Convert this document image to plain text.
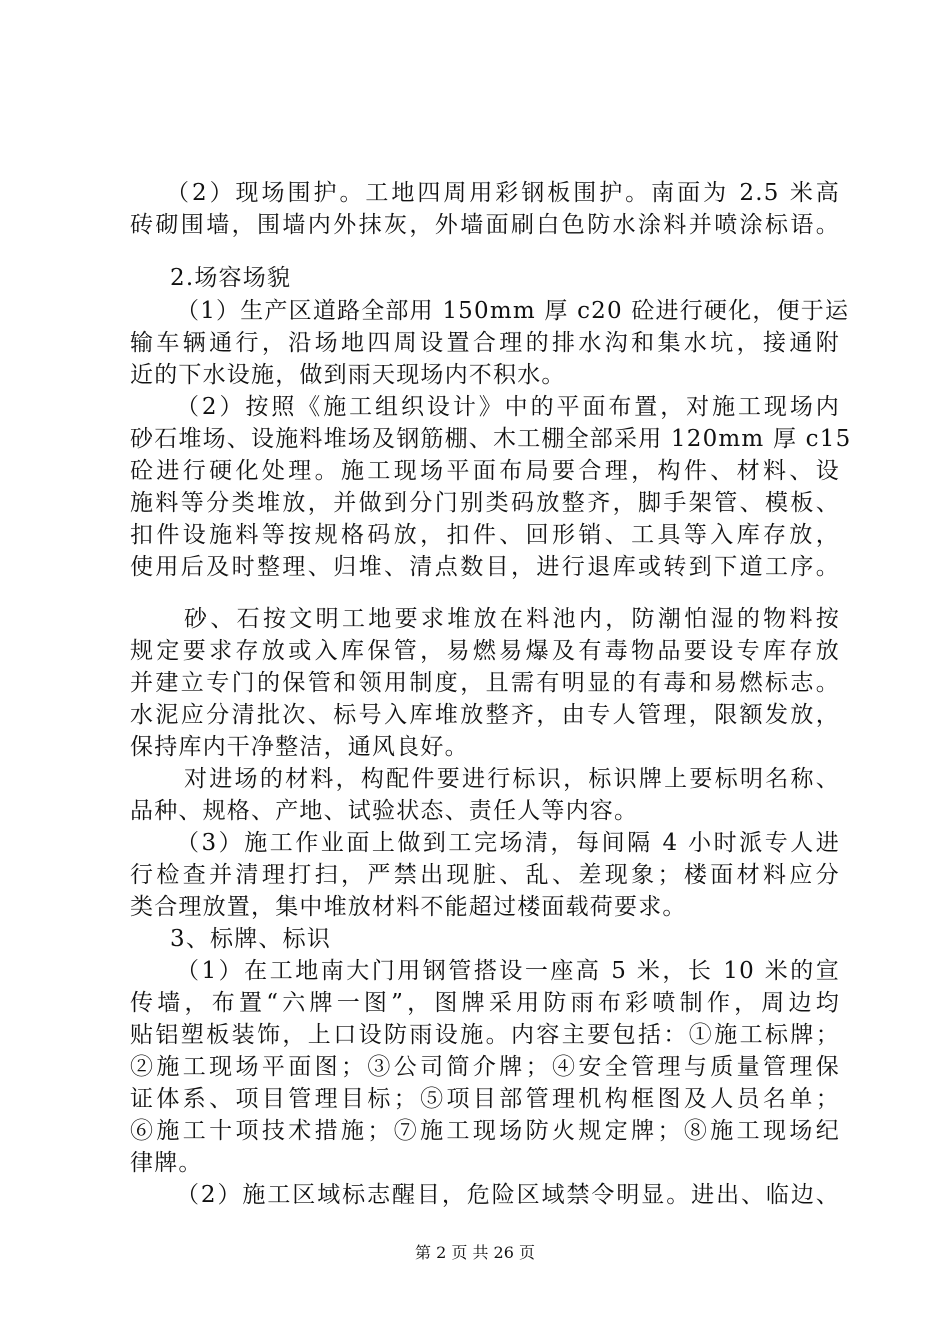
（2）现场围护。工地四周用彩钢板围护。南面为 2.5 米高
砖砌围墙，围墙内外抹灰，外墙面刷白色防水涂料并喷涂标语。
2.场容场貌
（1）生产区道路全部用 150mm 厚 c20 砼进行硬化，便于运
输车辆通行，沿场地四周设置合理的排水沟和集水坑，接通附
近的下水设施，做到雨天现场内不积水。
（2）按照《施工组织设计》中的平面布置，对施工现场内
砂石堆场、设施料堆场及钢筋棚、木工棚全部采用 120mm 厚 c15
砼进行硬化处理。施工现场平面布局要合理，构件、材料、设
施料等分类堆放，并做到分门别类码放整齐，脚手架管、模板、
扣件设施料等按规格码放，扣件、回形销、工具等入库存放，
使用后及时整理、归堆、清点数目，进行退库或转到下道工序。
砂、石按文明工地要求堆放在料池内，防潮怕湿的物料按
规定要求存放或入库保管，易燃易爆及有毒物品要设专库存放
并建立专门的保管和领用制度，且需有明显的有毒和易燃标志。
水泥应分清批次、标号入库堆放整齐，由专人管理，限额发放，
保持库内干净整洁，通风良好。
对进场的材料，构配件要进行标识，标识牌上要标明名称、
品种、规格、产地、试验状态、责任人等内容。
（3）施工作业面上做到工完场清，每间隔 4 小时派专人进
行检查并清理打扫，严禁出现脏、乱、差现象；楼面材料应分
类合理放置，集中堆放材料不能超过楼面载荷要求。
3、标牌、标识
（1）在工地南大门用钢管搭设一座高 5 米，长 10 米的宣
传墙，布置“六牌一图”，图牌采用防雨布彩喷制作，周边均
贴铝塑板装饰，上口设防雨设施。内容主要包括：①施工标牌；
②施工现场平面图；③公司简介牌；④安全管理与质量管理保
证体系、项目管理目标；⑤项目部管理机构框图及人员名单；
⑥施工十项技术措施；⑦施工现场防火规定牌；⑧施工现场纪
律牌。
（2）施工区域标志醒目，危险区域禁令明显。进出、临边、
第 2 页 共 26 页
